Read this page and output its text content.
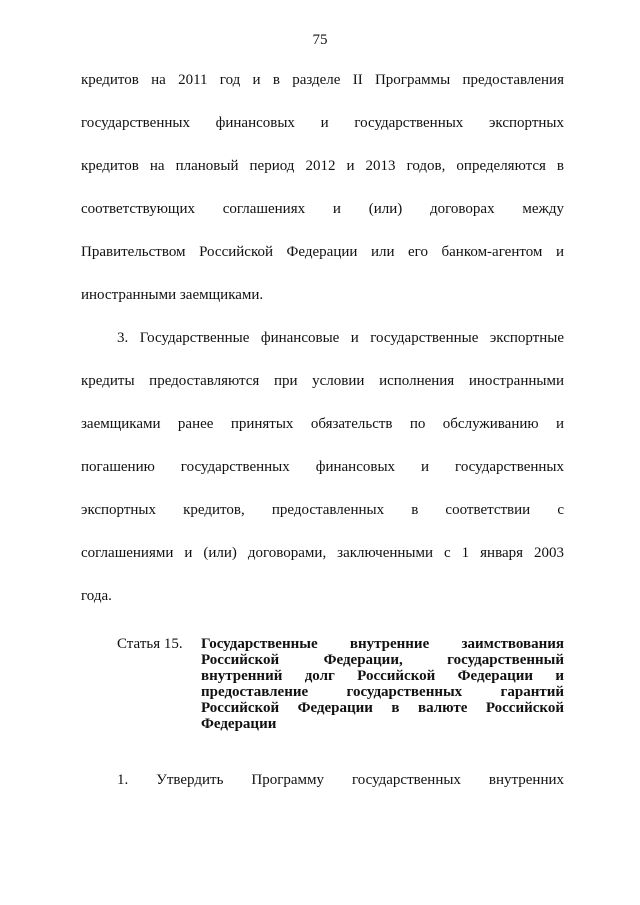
75
кредитов на 2011 год и в разделе II Программы предоставления
государственных финансовых и государственных экспортных
кредитов на плановый период 2012 и 2013 годов, определяются в
соответствующих соглашениях и (или) договорах между
Правительством Российской Федерации или его банком-агентом и
иностранными заемщиками.
3. Государственные финансовые и государственные экспортные
кредиты предоставляются при условии исполнения иностранными
заемщиками ранее принятых обязательств по обслуживанию и
погашению государственных финансовых и государственных
экспортных кредитов, предоставленных в соответствии с
соглашениями и (или) договорами, заключенными с 1 января 2003
года.
Статья 15. Государственные внутренние заимствования
Российской Федерации, государственный
внутренний долг Российской Федерации и
предоставление государственных гарантий
Российской Федерации в валюте Российской
Федерации
1. Утвердить Программу государственных внутренних
